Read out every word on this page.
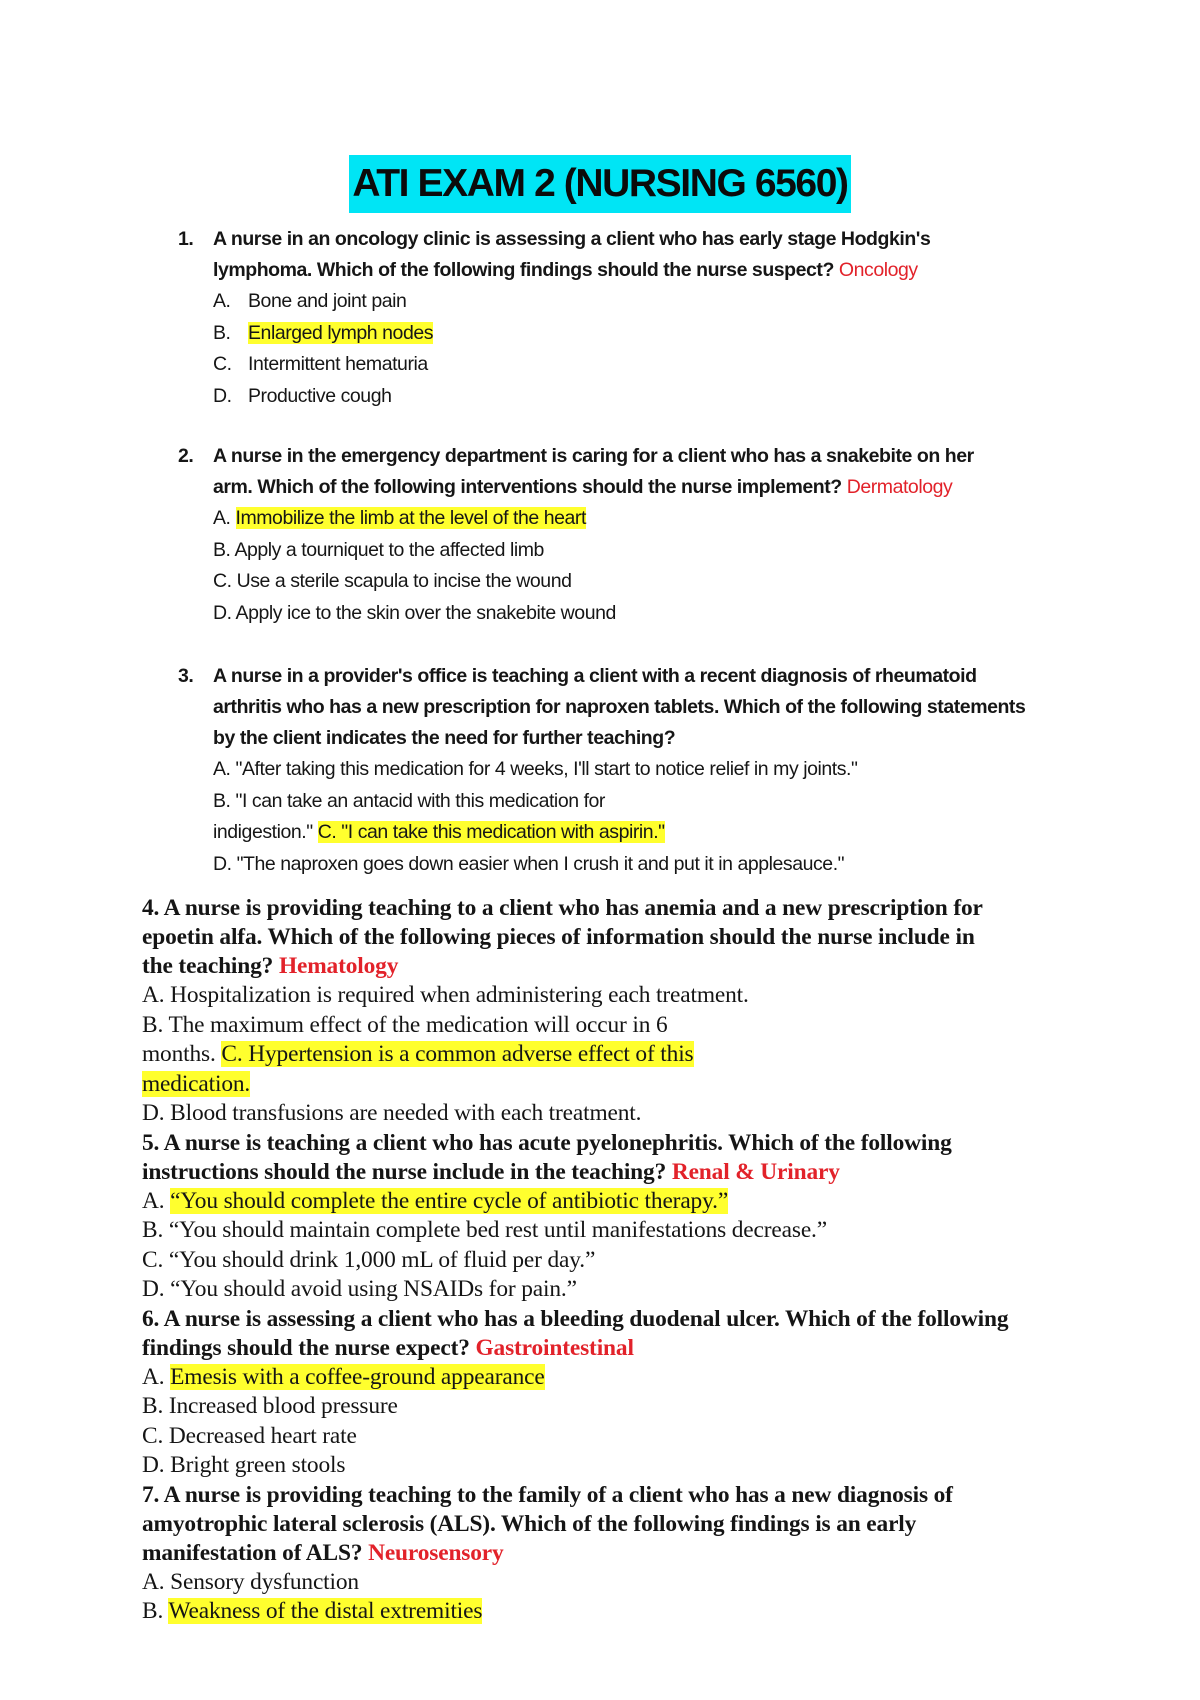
ATI EXAM 2 (NURSING 6560)
1. A nurse in an oncology clinic is assessing a client who has early stage Hodgkin's
lymphoma. Which of the following findings should the nurse suspect? Oncology
A. Bone and joint pain
B. Enlarged lymph nodes
C. Intermittent hematuria
D. Productive cough
2. A nurse in the emergency department is caring for a client who has a snakebite on her
arm. Which of the following interventions should the nurse implement? Dermatology
A. Immobilize the limb at the level of the heart
B. Apply a tourniquet to the affected limb
C. Use a sterile scapula to incise the wound
D. Apply ice to the skin over the snakebite wound
3. A nurse in a provider's office is teaching a client with a recent diagnosis of rheumatoid
arthritis who has a new prescription for naproxen tablets. Which of the following statements
by the client indicates the need for further teaching?
A. "After taking this medication for 4 weeks, I'll start to notice relief in my joints."
B. "I can take an antacid with this medication for
indigestion." C. "I can take this medication with aspirin."
D. "The naproxen goes down easier when I crush it and put it in applesauce."
4. A nurse is providing teaching to a client who has anemia and a new prescription for
epoetin alfa. Which of the following pieces of information should the nurse include in
the teaching? Hematology
A. Hospitalization is required when administering each treatment.
B. The maximum effect of the medication will occur in 6
months. C. Hypertension is a common adverse effect of this
medication.
D. Blood transfusions are needed with each treatment.
5. A nurse is teaching a client who has acute pyelonephritis. Which of the following
instructions should the nurse include in the teaching? Renal & Urinary
A. “You should complete the entire cycle of antibiotic therapy.”
B. “You should maintain complete bed rest until manifestations decrease.”
C. “You should drink 1,000 mL of fluid per day.”
D. “You should avoid using NSAIDs for pain.”
6. A nurse is assessing a client who has a bleeding duodenal ulcer. Which of the following
findings should the nurse expect? Gastrointestinal
A. Emesis with a coffee-ground appearance
B. Increased blood pressure
C. Decreased heart rate
D. Bright green stools
7. A nurse is providing teaching to the family of a client who has a new diagnosis of
amyotrophic lateral sclerosis (ALS). Which of the following findings is an early
manifestation of ALS? Neurosensory
A. Sensory dysfunction
B. Weakness of the distal extremities
